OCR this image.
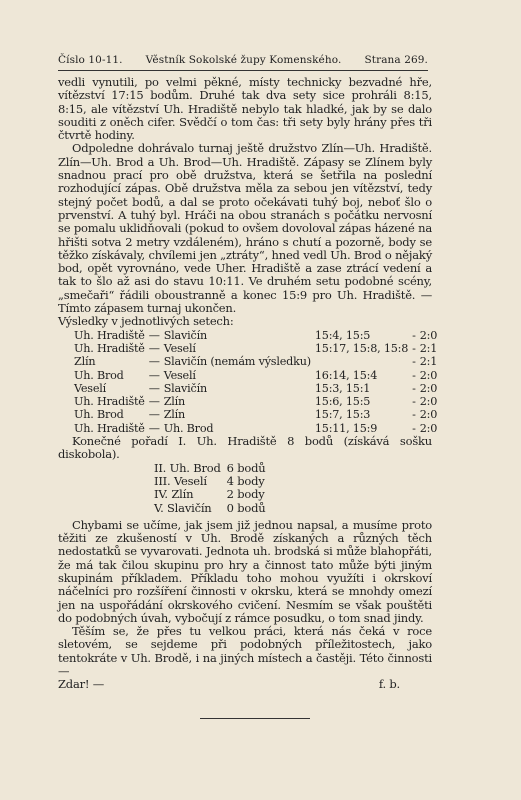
Číslo 10-11. Věstník Sokolské župy Komenského. Strana 269.

vedli vynutili, po velmi pěkné, místy technicky bezvadné hře, vítězství 17:15 bodům. Druhé tak dva sety sice prohráli 8:15, 8:15, ale vítězství Uh. Hradiště nebylo tak hladké, jak by se dalo souditi z oněch cifer. Svědčí o tom čas: tři sety byly hrány přes tři čtvrtě hodiny.

Odpoledne dohrávalo turnaj ještě družstvo Zlín—Uh. Hradiště. Zlín—Uh. Brod a Uh. Brod—Uh. Hradiště. Zápasy se Zlínem byly snadnou prací pro obě družstva, která se šetřila na poslední rozhodující zápas. Obě družstva měla za sebou jen vítězství, tedy stejný počet bodů, a dal se proto očekávati tuhý boj, neboť šlo o prvenství. A tuhý byl. Hráči na obou stranách s počátku nervosní se pomalu uklidňovali (pokud to ovšem dovoloval zápas házené na hřišti sotva 2 metry vzdáleném), hráno s chutí a pozorně, body se těžko získávaly, chvílemi jen „ztráty“, hned vedl Uh. Brod o nějaký bod, opět vyrovnáno, vede Uher. Hradiště a zase ztrácí vedení a tak to šlo až asi do stavu 10:11. Ve druhém setu podobné scény, „smečaři“ řádili oboustranně a konec 15:9 pro Uh. Hradiště. — Tímto zápasem turnaj ukončen.

Výsledky v jednotlivých setech:

Uh. Hradiště	—	Slavičín	15:4, 15:5	-	2:0
Uh. Hradiště	—	Veselí	15:17, 15:8, 15:8	-	2:1
Zlín	—	Slavičín (nemám výsledku)		-	2:1
Uh. Brod	—	Veselí	16:14, 15:4	-	2:0
Veselí	—	Slavičín	15:3, 15:1	-	2:0
Uh. Hradiště	—	Zlín	15:6, 15:5	-	2:0
Uh. Brod	—	Zlín	15:7, 15:3	-	2:0
Uh. Hradiště	—	Uh. Brod	15:11, 15:9	-	2:0

Konečné pořadí I. Uh. Hradiště 8 bodů (získává sošku diskobola).

II. Uh. Brod	6 bodů
III. Veselí	4 body
IV. Zlín	2 body
V. Slavičín	0 bodů

Chybami se učíme, jak jsem již jednou napsal, a musíme proto těžiti ze zkušeností v Uh. Brodě získaných a různých těch nedostatků se vyvarovati. Jednota uh. brodská si může blahopřáti, že má tak čilou skupinu pro hry a činnost tato může býti jiným skupinám příkladem. Příkladu toho mohou využíti i okrskoví náčelníci pro rozšíření činnosti v okrsku, která se mnohdy omezí jen na uspořádání okrskového cvičení. Nesmím se však pouštěti do podobných úvah, vybočují z rámce posudku, o tom snad jindy.

Těším se, že přes tu velkou práci, která nás čeká v roce sletovém, se sejdeme při podobných příležitostech, jako tentokráte v Uh. Brodě, i na jiných místech a častěji. Této činnosti —

Zdar! —	f. b.
